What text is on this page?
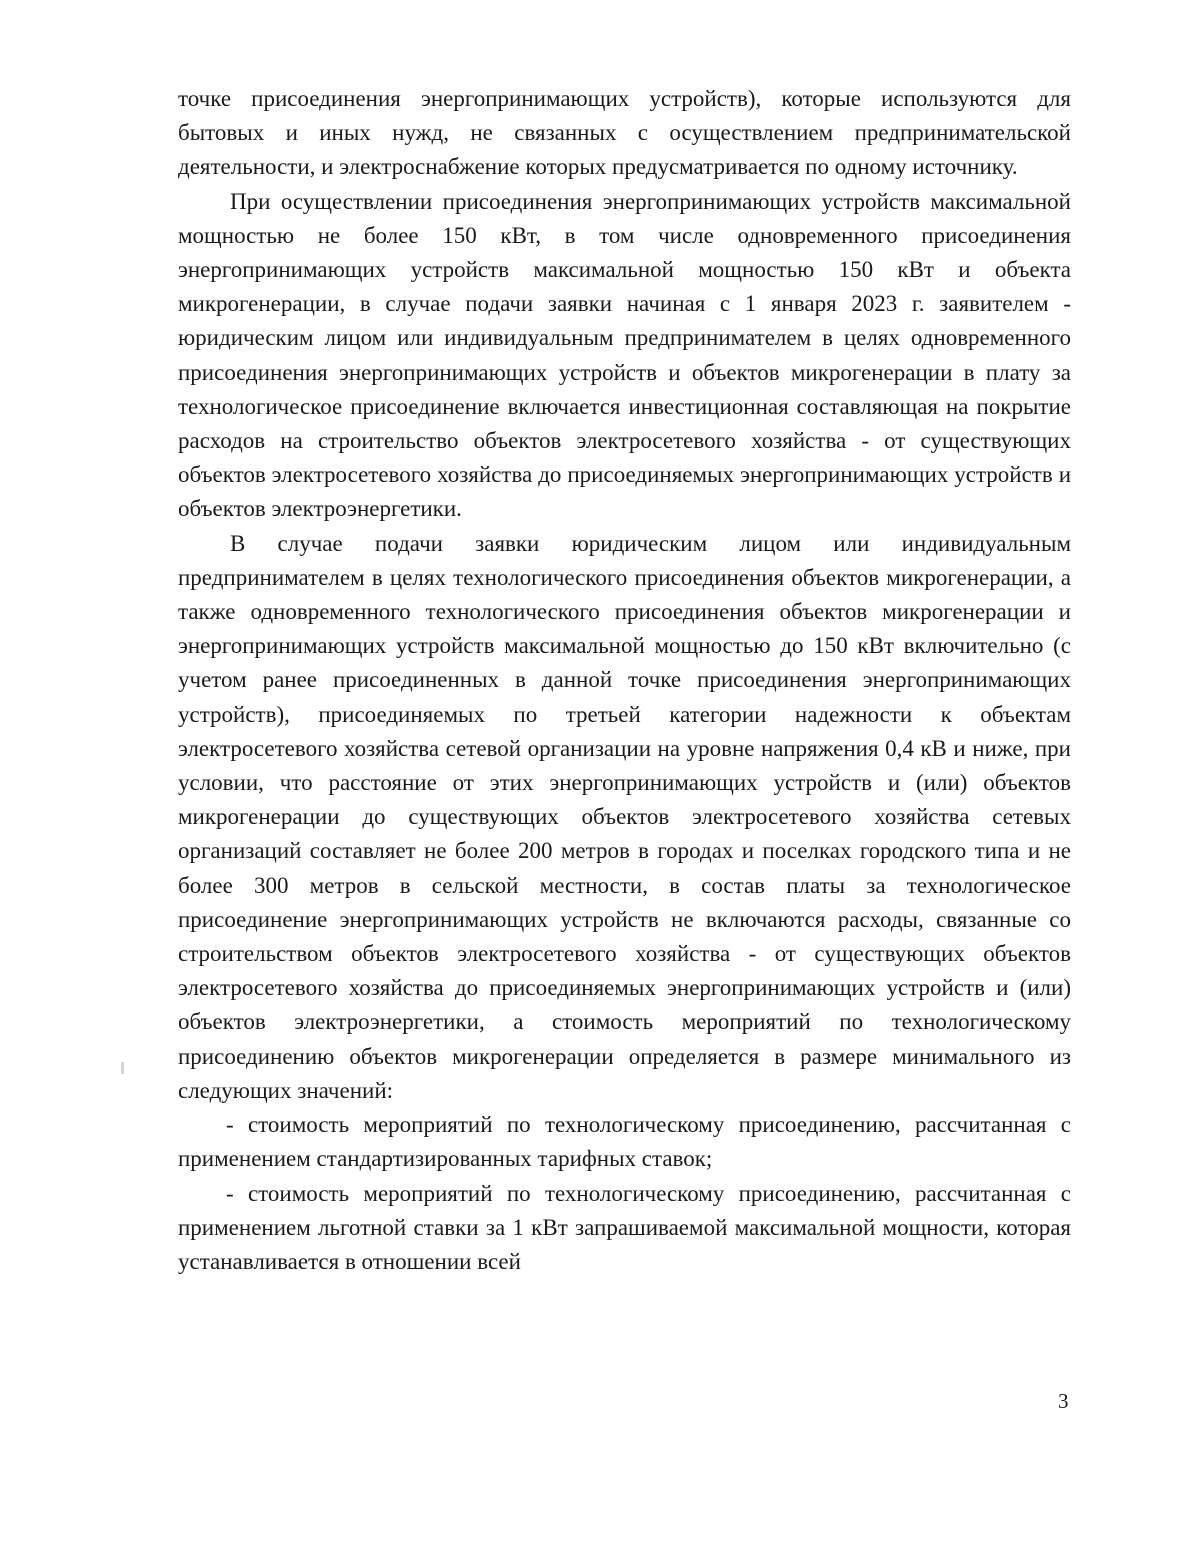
точке присоединения энергопринимающих устройств), которые используются для бытовых и иных нужд, не связанных с осуществлением предпринимательской деятельности, и электроснабжение которых предусматривается по одному источнику.

При осуществлении присоединения энергопринимающих устройств максимальной мощностью не более 150 кВт, в том числе одновременного присоединения энергопринимающих устройств максимальной мощностью 150 кВт и объекта микрогенерации, в случае подачи заявки начиная с 1 января 2023 г. заявителем - юридическим лицом или индивидуальным предпринимателем в целях одновременного присоединения энергопринимающих устройств и объектов микрогенерации в плату за технологическое присоединение включается инвестиционная составляющая на покрытие расходов на строительство объектов электросетевого хозяйства - от существующих объектов электросетевого хозяйства до присоединяемых энергопринимающих устройств и объектов электроэнергетики.

В случае подачи заявки юридическим лицом или индивидуальным предпринимателем в целях технологического присоединения объектов микрогенерации, а также одновременного технологического присоединения объектов микрогенерации и энергопринимающих устройств максимальной мощностью до 150 кВт включительно (с учетом ранее присоединенных в данной точке присоединения энергопринимающих устройств), присоединяемых по третьей категории надежности к объектам электросетевого хозяйства сетевой организации на уровне напряжения 0,4 кВ и ниже, при условии, что расстояние от этих энергопринимающих устройств и (или) объектов микрогенерации до существующих объектов электросетевого хозяйства сетевых организаций составляет не более 200 метров в городах и поселках городского типа и не более 300 метров в сельской местности, в состав платы за технологическое присоединение энергопринимающих устройств не включаются расходы, связанные со строительством объектов электросетевого хозяйства - от существующих объектов электросетевого хозяйства до присоединяемых энергопринимающих устройств и (или) объектов электроэнергетики, а стоимость мероприятий по технологическому присоединению объектов микрогенерации определяется в размере минимального из следующих значений:

- стоимость мероприятий по технологическому присоединению, рассчитанная с применением стандартизированных тарифных ставок;

- стоимость мероприятий по технологическому присоединению, рассчитанная с применением льготной ставки за 1 кВт запрашиваемой максимальной мощности, которая устанавливается в отношении всей

3
